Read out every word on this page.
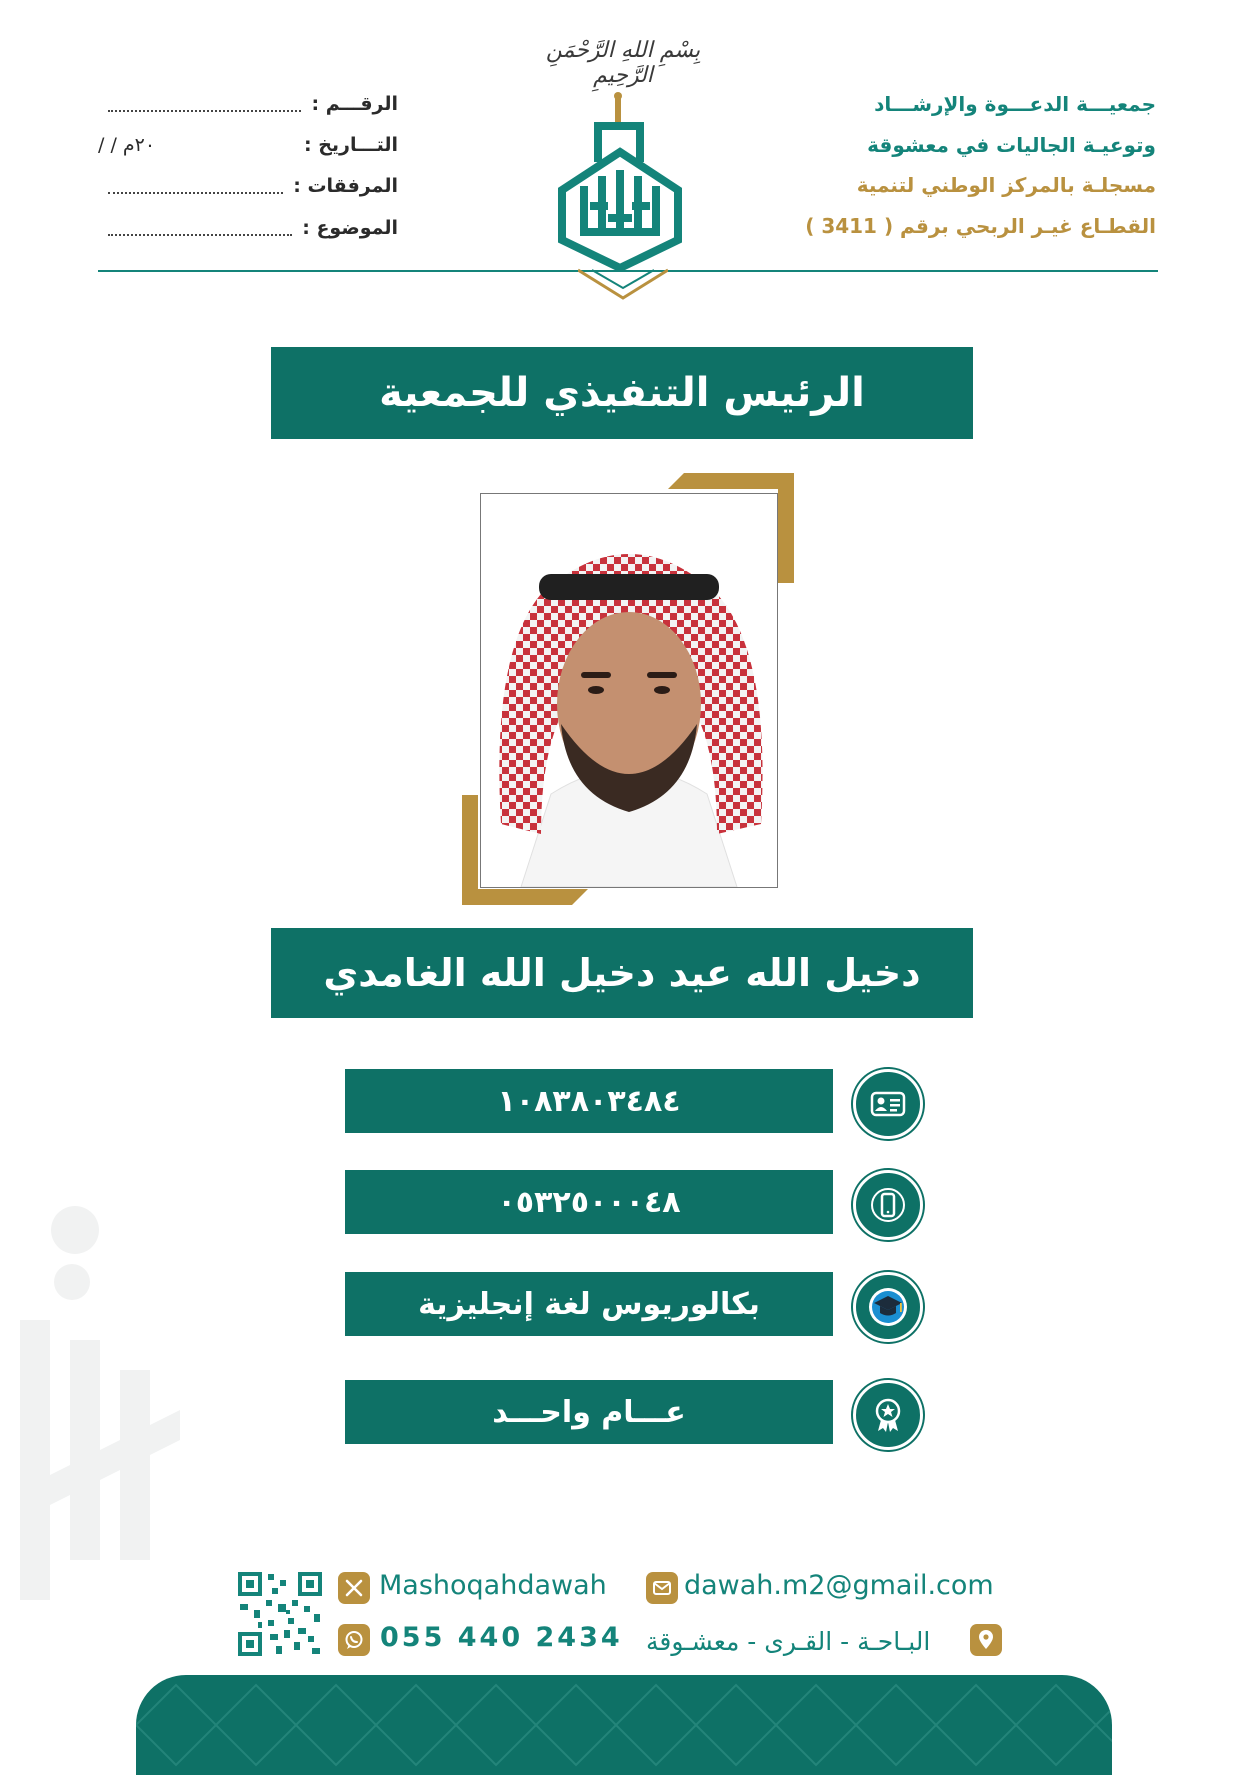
بِسْمِ اللهِ الرَّحْمَنِ الرَّحِيمِ
جمعيـــة الدعـــوة والإرشـــاد
وتوعيـة الجاليات في معشوقة
مسجلـة بالمركز الوطني لتنمية
القطـاع غيـر الربحي برقم ( 3411 )
الرقـــم :
التـــاريخ :
/ / ٢٠م
المرفقات :
الموضوع :
الرئيس التنفيذي للجمعية
دخيل الله عيد دخيل الله الغامدي
١٠٨٣٨٠٣٤٨٤
٠٥٣٢٥٠٠٠٤٨
بكالوريوس لغة إنجليزية
عـــام واحـــد
Mashoqahdawah
055 440 2434
dawah.m2@gmail.com
البـاحـة - القـرى - معشـوقة
